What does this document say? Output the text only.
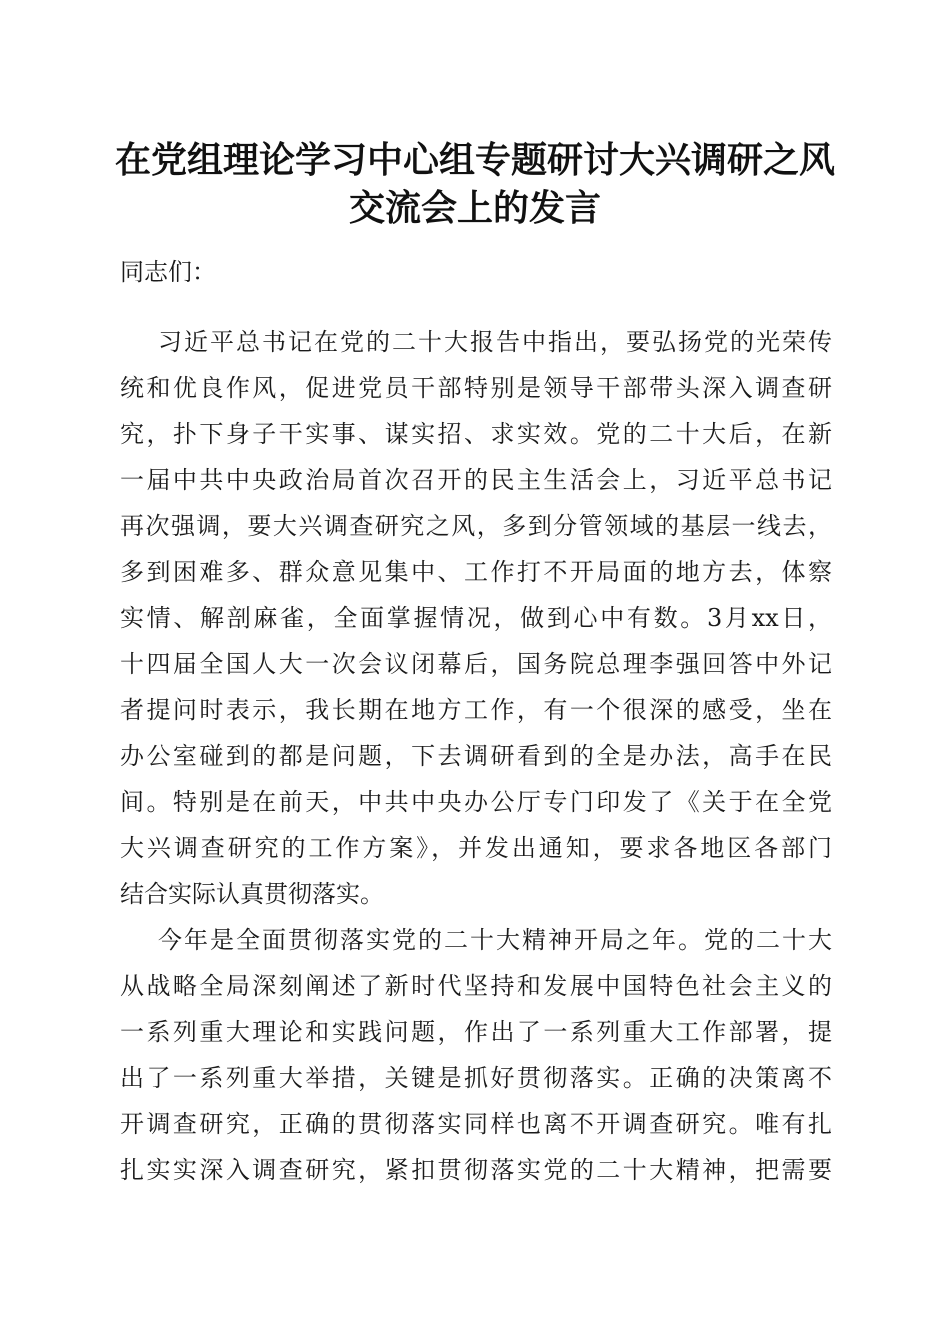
在党组理论学习中心组专题研讨大兴调研之风
交流会上的发言
同志们：
习近平总书记在党的二十大报告中指出，要弘扬党的光荣传
统和优良作风，促进党员干部特别是领导干部带头深入调查研
究，扑下身子干实事、谋实招、求实效。党的二十大后，在新
一届中共中央政治局首次召开的民主生活会上，习近平总书记
再次强调，要大兴调查研究之风，多到分管领域的基层一线去，
多到困难多、群众意见集中、工作打不开局面的地方去，体察
实情、解剖麻雀，全面掌握情况，做到心中有数。3月xx日，
十四届全国人大一次会议闭幕后，国务院总理李强回答中外记
者提问时表示，我长期在地方工作，有一个很深的感受，坐在
办公室碰到的都是问题，下去调研看到的全是办法，高手在民
间。特别是在前天，中共中央办公厅专门印发了《关于在全党
大兴调查研究的工作方案》，并发出通知，要求各地区各部门
结合实际认真贯彻落实。
今年是全面贯彻落实党的二十大精神开局之年。党的二十大
从战略全局深刻阐述了新时代坚持和发展中国特色社会主义的
一系列重大理论和实践问题，作出了一系列重大工作部署，提
出了一系列重大举措，关键是抓好贯彻落实。正确的决策离不
开调查研究，正确的贯彻落实同样也离不开调查研究。唯有扎
扎实实深入调查研究，紧扣贯彻落实党的二十大精神，把需要
